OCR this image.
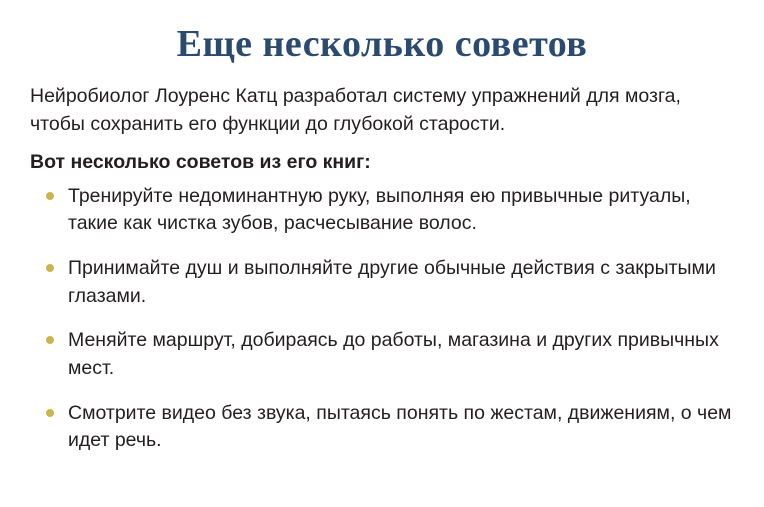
Еще несколько советов

Нейробиолог Лоуренс Катц разработал систему упражнений для мозга, чтобы сохранить его функции до глубокой старости.

Вот несколько советов из его книг:

Тренируйте недоминантную руку, выполняя ею привычные ритуалы, такие как чистка зубов, расчесывание волос.
Принимайте душ и выполняйте другие обычные действия с закрытыми глазами.
Меняйте маршрут, добираясь до работы, магазина и других привычных мест.
Смотрите видео без звука, пытаясь понять по жестам, движениям, о чем идет речь.
